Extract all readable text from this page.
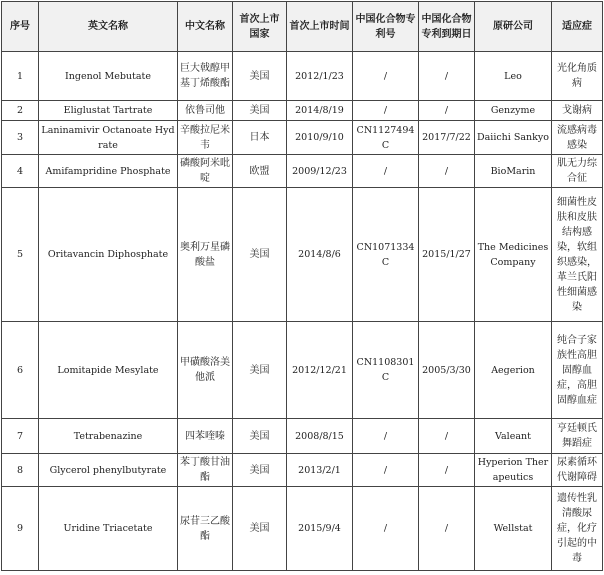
序号	英文名称	中文名称	首次上市国家	首次上市时间	中国化合物专利号	中国化合物专利到期日	原研公司	适应症
1	Ingenol Mebutate	巨大戟醇甲基丁烯酸酯	美国	2012/1/23	/	/	Leo	光化角质病
2	Eliglustat Tartrate	依鲁司他	美国	2014/8/19	/	/	Genzyme	戈谢病
3	Laninamivir Octanoate Hydrate	辛酸拉尼米韦	日本	2010/9/10	CN1127494C	2017/7/22	Daiichi Sankyo	流感病毒感染
4	Amifampridine Phosphate	磷酸阿米吡啶	欧盟	2009/12/23	/	/	BioMarin	肌无力综合征
5	Oritavancin Diphosphate	奥利万星磷酸盐	美国	2014/8/6	CN1071334C	2015/1/27	The Medicines Company	细菌性皮肤和皮肤结构感染，软组织感染，革兰氏阳性细菌感染
6	Lomitapide Mesylate	甲磺酸洛美他派	美国	2012/12/21	CN1108301C	2005/3/30	Aegerion	纯合子家族性高胆固醇血症，高胆固醇血症
7	Tetrabenazine	四苯喹嗪	美国	2008/8/15	/	/	Valeant	亨廷顿氏舞蹈症
8	Glycerol phenylbutyrate	苯丁酸甘油酯	美国	2013/2/1	/	/	Hyperion Therapeutics	尿素循环代谢障碍
9	Uridine Triacetate	尿苷三乙酸酯	美国	2015/9/4	/	/	Wellstat	遗传性乳清酸尿症，化疗引起的中毒
